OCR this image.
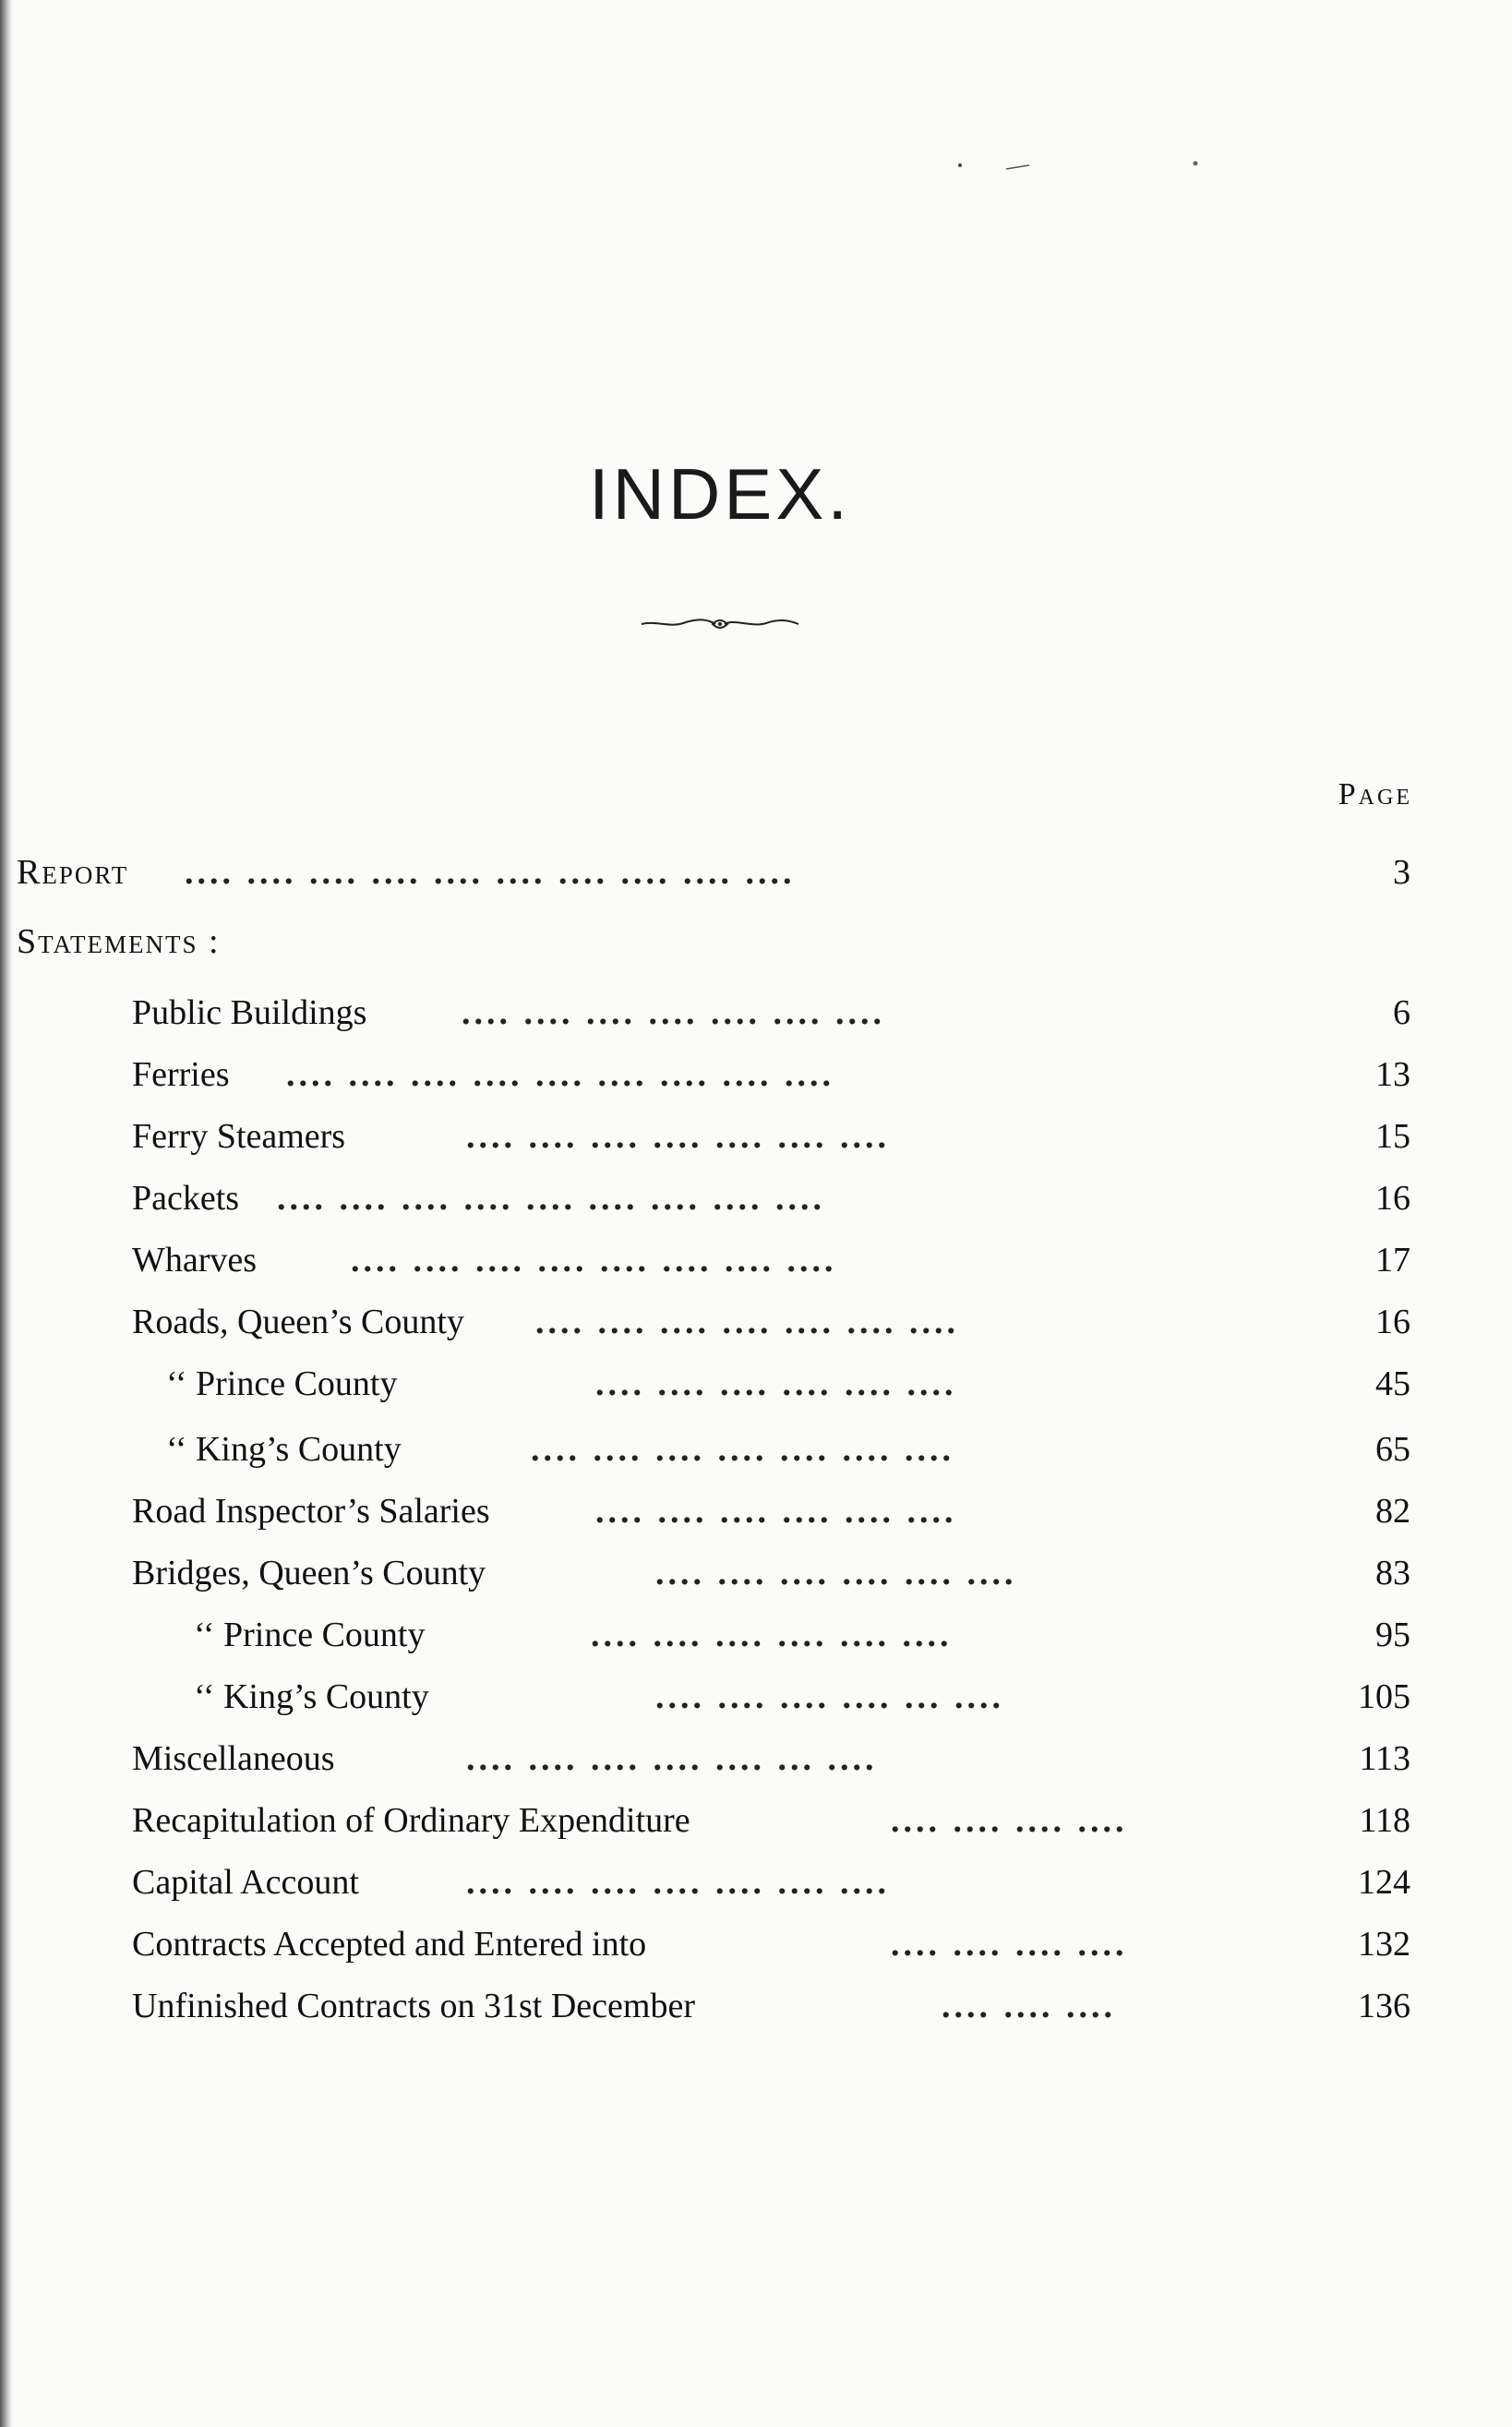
INDEX.
Page
Report .... .... .... .... .... .... .... .... .... ....	3
Statements :
Public Buildings	.... .... .... .... .... .... ....	6
Ferries .... .... .... .... .... .... .... .... ....	13
Ferry Steamers	.... .... .... .... .... .... ....	15
Packets .... .... .... .... .... .... .... .... ....	16
Wharves	.... .... .... .... .... .... .... ....	17
Roads, Queen’s County .... .... .... .... .... .... ....	16
‘‘ Prince County	.... .... .... .... .... ....	45
‘‘ King’s County	.... .... .... .... .... .... ....	65
Road Inspector’s Salaries	.... .... .... .... .... ....	82
Bridges, Queen’s County	.... .... .... .... .... ....	83
‘‘ Prince County	.... .... .... .... .... ....	95
‘‘ King’s County	.... .... .... .... ... ....	105
Miscellaneous	.... .... .... .... .... ... ....	113
Recapitulation of Ordinary Expenditure	.... .... .... ....	118
Capital Account	.... .... .... .... .... .... ....	124
Contracts Accepted and Entered into	.... .... .... ....	132
Unfinished Contracts on 31st December	.... .... ....	136
